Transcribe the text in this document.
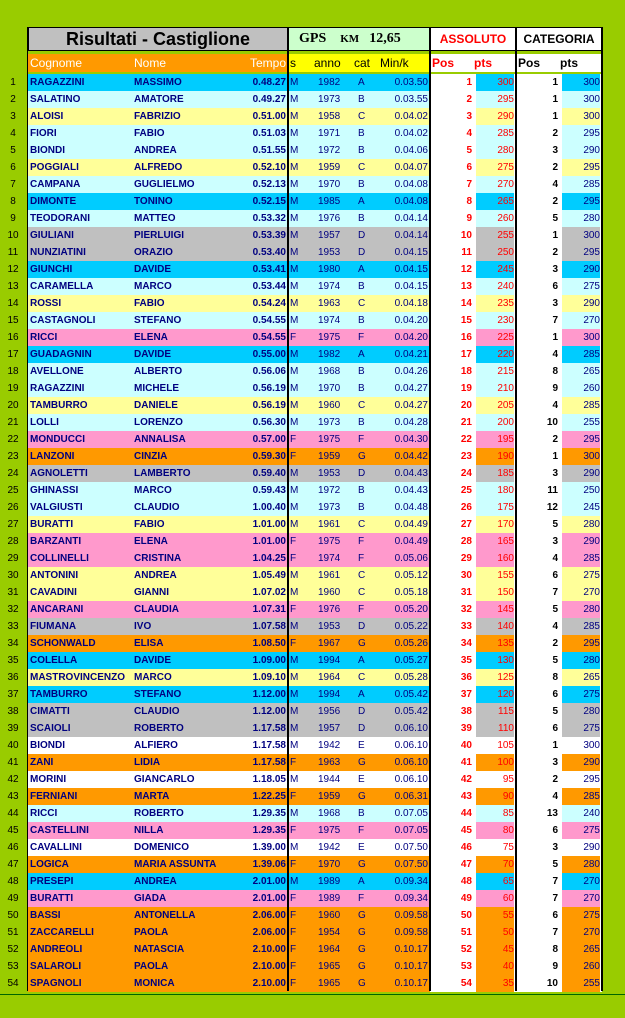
Risultati - Castiglione	GPS KM 12,65	ASSOLUTO	CATEGORIA
Cognome	Nome	Tempo s	anno cat Min/k	Pos pts Pos pts
1	RAGAZZINI	MASSIMO	0.48.27 M 1982	A	0.03.50	1	300	1	300
2	SALATINO	AMATORE	0.49.27 M 1973	B	0.03.55	2	295	1	300
3	ALOISI	FABRIZIO	0.51.00 M 1958	C	0.04.02	3	290	1	300
4	FIORI	FABIO	0.51.03 M 1971	B	0.04.02	4	285	2	295
5	BIONDI	ANDREA	0.51.55 M 1972	B	0.04.06	5	280	3	290
6	POGGIALI	ALFREDO	0.52.10 M 1959	C	0.04.07	6	275	2	295
7	CAMPANA	GUGLIELMO	0.52.13 M 1970	B	0.04.08	7	270	4	285
8	DIMONTE	TONINO	0.52.15 M 1985	A	0.04.08	8	265	2	295
9	TEODORANI	MATTEO	0.53.32 M 1976	B	0.04.14	9	260	5	280
10	GIULIANI	PIERLUIGI	0.53.39 M 1957	D	0.04.14	10	255	1	300
11	NUNZIATINI	ORAZIO	0.53.40 M 1953	D	0.04.15	11	250	2	295
12	GIUNCHI	DAVIDE	0.53.41 M 1980	A	0.04.15	12	245	3	290
13	CARAMELLA	MARCO	0.53.44 M 1974	B	0.04.15	13	240	6	275
14	ROSSI	FABIO	0.54.24 M 1963	C	0.04.18	14	235	3	290
15	CASTAGNOLI	STEFANO	0.54.55 M 1974	B	0.04.20	15	230	7	270
16	RICCI	ELENA	0.54.55 F	1975	F	0.04.20	16	225	1	300
17	GUADAGNIN	DAVIDE	0.55.00 M 1982	A	0.04.21	17	220	4	285
18	AVELLONE	ALBERTO	0.56.06 M 1968	B	0.04.26	18	215	8	265
19	RAGAZZINI	MICHELE	0.56.19 M 1970	B	0.04.27	19	210	9	260
20	TAMBURRO	DANIELE	0.56.19 M 1960	C	0.04.27	20	205	4	285
21	LOLLI	LORENZO	0.56.30 M 1973	B	0.04.28	21	200	10	255
22	MONDUCCI	ANNALISA	0.57.00 F	1975	F	0.04.30	22	195	2	295
23	LANZONI	CINZIA	0.59.30 F	1959	G	0.04.42	23	190	1	300
24	AGNOLETTI	LAMBERTO	0.59.40 M 1953	D	0.04.43	24	185	3	290
25	GHINASSI	MARCO	0.59.43 M 1972	B	0.04.43	25	180	11	250
26	VALGIUSTI	CLAUDIO	1.00.40 M 1973	B	0.04.48	26	175	12	245
27	BURATTI	FABIO	1.01.00 M 1961	C	0.04.49	27	170	5	280
28	BARZANTI	ELENA	1.01.00 F	1975	F	0.04.49	28	165	3	290
29	COLLINELLI	CRISTINA	1.04.25 F	1974	F	0.05.06	29	160	4	285
30	ANTONINI	ANDREA	1.05.49 M 1961	C	0.05.12	30	155	6	275
31	CAVADINI	GIANNI	1.07.02 M 1960	C	0.05.18	31	150	7	270
32	ANCARANI	CLAUDIA	1.07.31 F	1976	F	0.05.20	32	145	5	280
33	FIUMANA	IVO	1.07.58 M 1953	D	0.05.22	33	140	4	285
34	SCHONWALD	ELISA	1.08.50 F	1967	G	0.05.26	34	135	2	295
35	COLELLA	DAVIDE	1.09.00 M 1994	A	0.05.27	35	130	5	280
36	MASTROVINCENZO MARCO	1.09.10 M 1964	C	0.05.28	36	125	8	265
37	TAMBURRO	STEFANO	1.12.00 M 1994	A	0.05.42	37	120	6	275
38	CIMATTI	CLAUDIO	1.12.00 M 1956	D	0.05.42	38	115	5	280
39	SCAIOLI	ROBERTO	1.17.58 M 1957	D	0.06.10	39	110	6	275
40	BIONDI	ALFIERO	1.17.58 M 1942	E	0.06.10	40	105	1	300
41	ZANI	LIDIA	1.17.58 F	1963	G	0.06.10	41	100	3	290
42	MORINI	GIANCARLO	1.18.05 M 1944	E	0.06.10	42	95	2	295
43	FERNIANI	MARTA	1.22.25 F	1959	G	0.06.31	43	90	4	285
44	RICCI	ROBERTO	1.29.35 M 1968	B	0.07.05	44	85	13	240
45	CASTELLINI	NILLA	1.29.35 F	1975	F	0.07.05	45	80	6	275
46	CAVALLINI	DOMENICO	1.39.00 M 1942	E	0.07.50	46	75	3	290
47	LOGICA	MARIA ASSUNTA	1.39.06 F	1970	G	0.07.50	47	70	5	280
48	PRESEPI	ANDREA	2.01.00 M 1989	A	0.09.34	48	65	7	270
49	BURATTI	GIADA	2.01.00 F	1989	F	0.09.34	49	60	7	270
50	BASSI	ANTONELLA	2.06.00 F	1960	G	0.09.58	50	55	6	275
51	ZACCARELLI	PAOLA	2.06.00 F	1954	G	0.09.58	51	50	7	270
52	ANDREOLI	NATASCIA	2.10.00 F	1964	G	0.10.17	52	45	8	265
53	SALAROLI	PAOLA	2.10.00 F	1965	G	0.10.17	53	40	9	260
54	SPAGNOLI	MONICA	2.10.00 F	1965	G	0.10.17	54	35	10	255
